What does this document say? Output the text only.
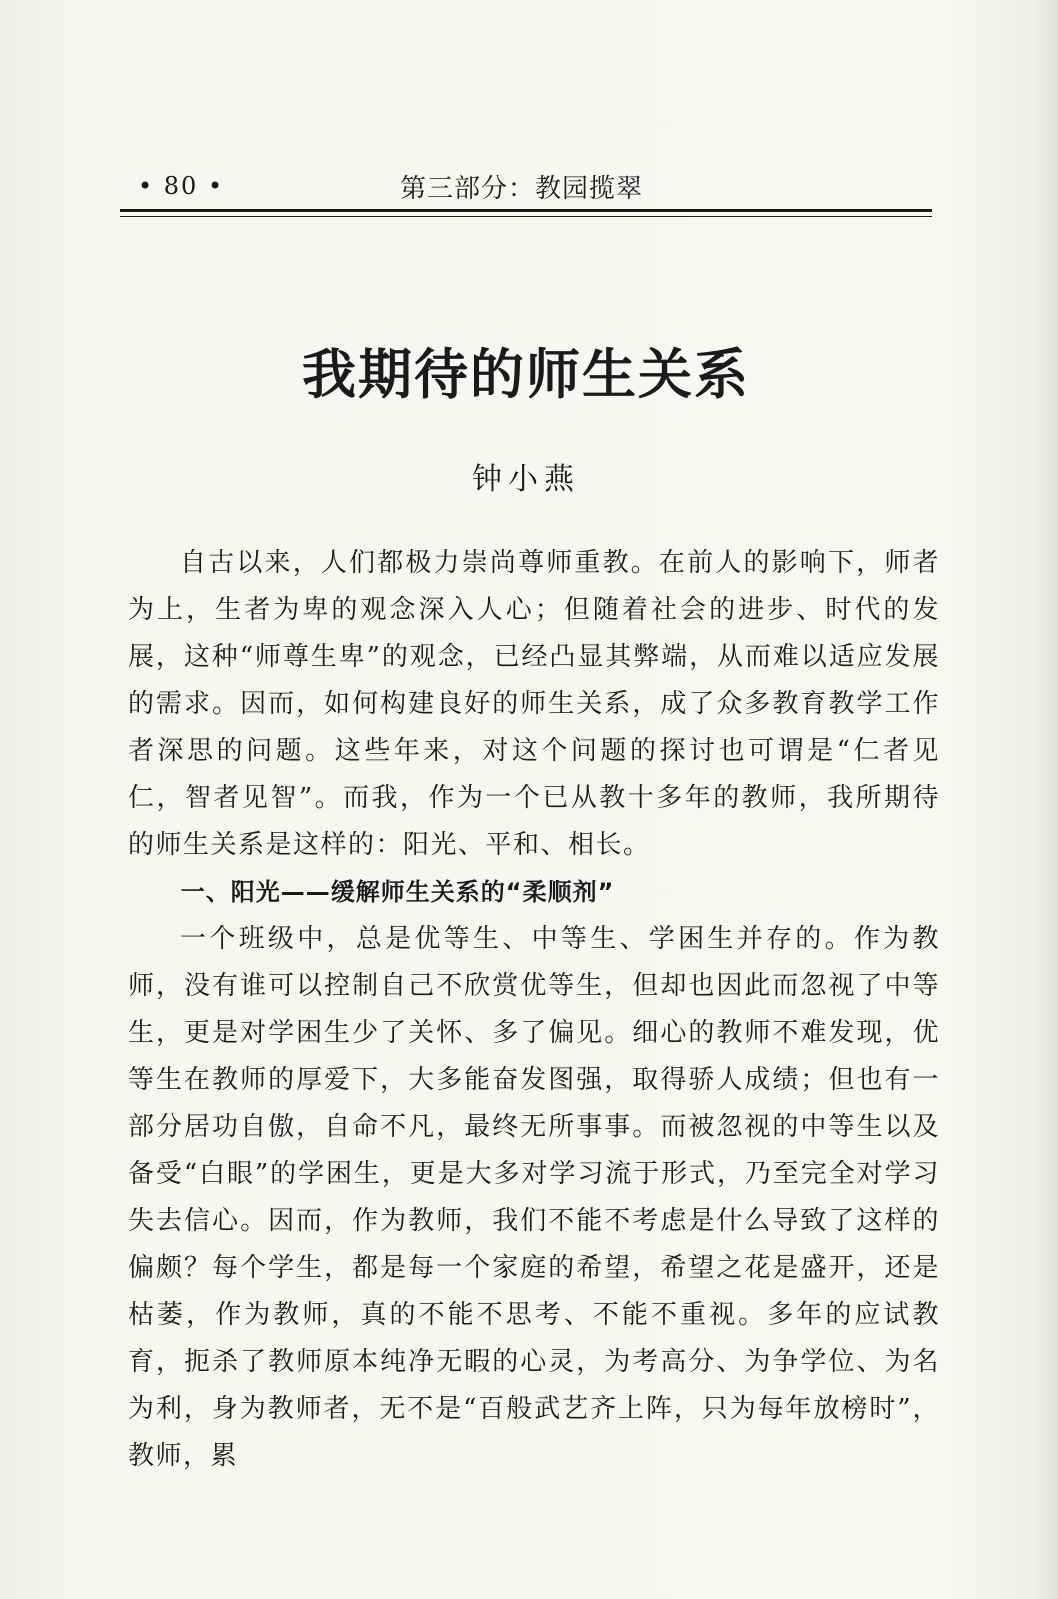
• 80 •	第三部分：教园揽翠
我期待的师生关系
钟小燕

自古以来，人们都极力崇尚尊师重教。在前人的影响下，师者为上，生者为卑的观念深入人心；但随着社会的进步、时代的发展，这种“师尊生卑”的观念，已经凸显其弊端，从而难以适应发展的需求。因而，如何构建良好的师生关系，成了众多教育教学工作者深思的问题。这些年来，对这个问题的探讨也可谓是“仁者见仁，智者见智”。而我，作为一个已从教十多年的教师，我所期待的师生关系是这样的：阳光、平和、相长。

一、阳光——缓解师生关系的“柔顺剂”

一个班级中，总是优等生、中等生、学困生并存的。作为教师，没有谁可以控制自己不欣赏优等生，但却也因此而忽视了中等生，更是对学困生少了关怀、多了偏见。细心的教师不难发现，优等生在教师的厚爱下，大多能奋发图强，取得骄人成绩；但也有一部分居功自傲，自命不凡，最终无所事事。而被忽视的中等生以及备受“白眼”的学困生，更是大多对学习流于形式，乃至完全对学习失去信心。因而，作为教师，我们不能不考虑是什么导致了这样的偏颇？每个学生，都是每一个家庭的希望，希望之花是盛开，还是枯萎，作为教师，真的不能不思考、不能不重视。多年的应试教育，扼杀了教师原本纯净无暇的心灵，为考高分、为争学位、为名为利，身为教师者，无不是“百般武艺齐上阵，只为每年放榜时”，教师，累
